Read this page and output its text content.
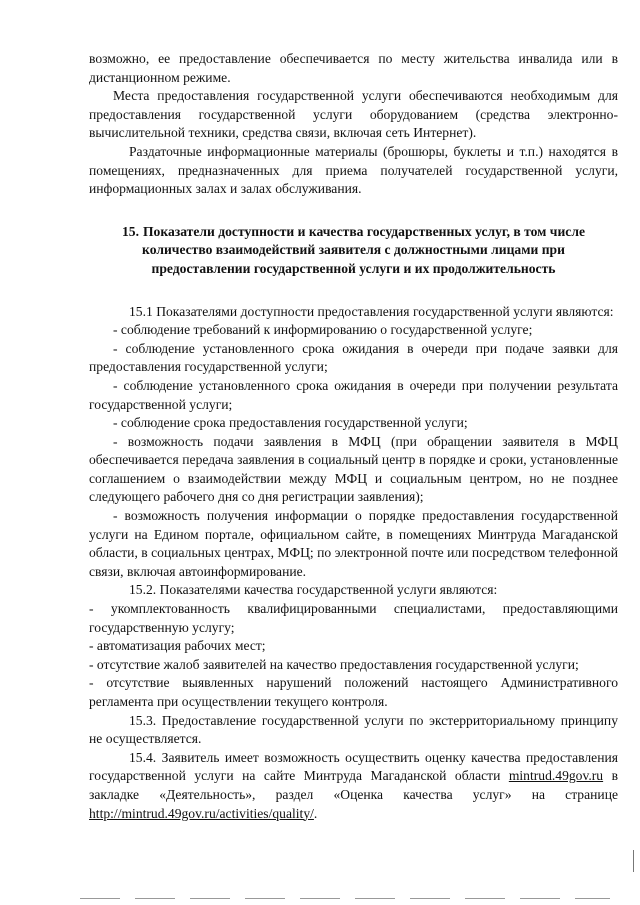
возможно, ее предоставление обеспечивается по месту жительства инвалида или в дистанционном режиме.

Места предоставления государственной услуги обеспечиваются необходимым для предоставления государственной услуги оборудованием (средства электронно-вычислительной техники, средства связи, включая сеть Интернет).

Раздаточные информационные материалы (брошюры, буклеты и т.п.) находятся в помещениях, предназначенных для приема получателей государственной услуги, информационных залах и залах обслуживания.

15. Показатели доступности и качества государственных услуг, в том числе количество взаимодействий заявителя с должностными лицами при предоставлении государственной услуги и их продолжительность

15.1 Показателями доступности предоставления государственной услуги являются:

- соблюдение требований к информированию о государственной услуге;

- соблюдение установленного срока ожидания в очереди при подаче заявки для предоставления государственной услуги;

- соблюдение установленного срока ожидания в очереди при получении результата государственной услуги;

- соблюдение срока предоставления государственной услуги;

- возможность подачи заявления в МФЦ (при обращении заявителя в МФЦ обеспечивается передача заявления в социальный центр в порядке и сроки, установленные соглашением о взаимодействии между МФЦ и социальным центром, но не позднее следующего рабочего дня со дня регистрации заявления);

- возможность получения информации о порядке предоставления государственной услуги на Едином портале, официальном сайте, в помещениях Минтруда Магаданской области, в социальных центрах, МФЦ; по электронной почте или посредством телефонной связи, включая автоинформирование.

15.2. Показателями качества государственной услуги являются:

- укомплектованность квалифицированными специалистами, предоставляющими государственную услугу;

- автоматизация рабочих мест;

- отсутствие жалоб заявителей на качество предоставления государственной услуги;

- отсутствие выявленных нарушений положений настоящего Административного регламента при осуществлении текущего контроля.

15.3. Предоставление государственной услуги по экстерриториальному принципу не осуществляется.

15.4. Заявитель имеет возможность осуществить оценку качества предоставления государственной услуги на сайте Минтруда Магаданской области mintrud.49gov.ru в закладке «Деятельность», раздел «Оценка качества услуг» на странице http://mintrud.49gov.ru/activities/quality/.
